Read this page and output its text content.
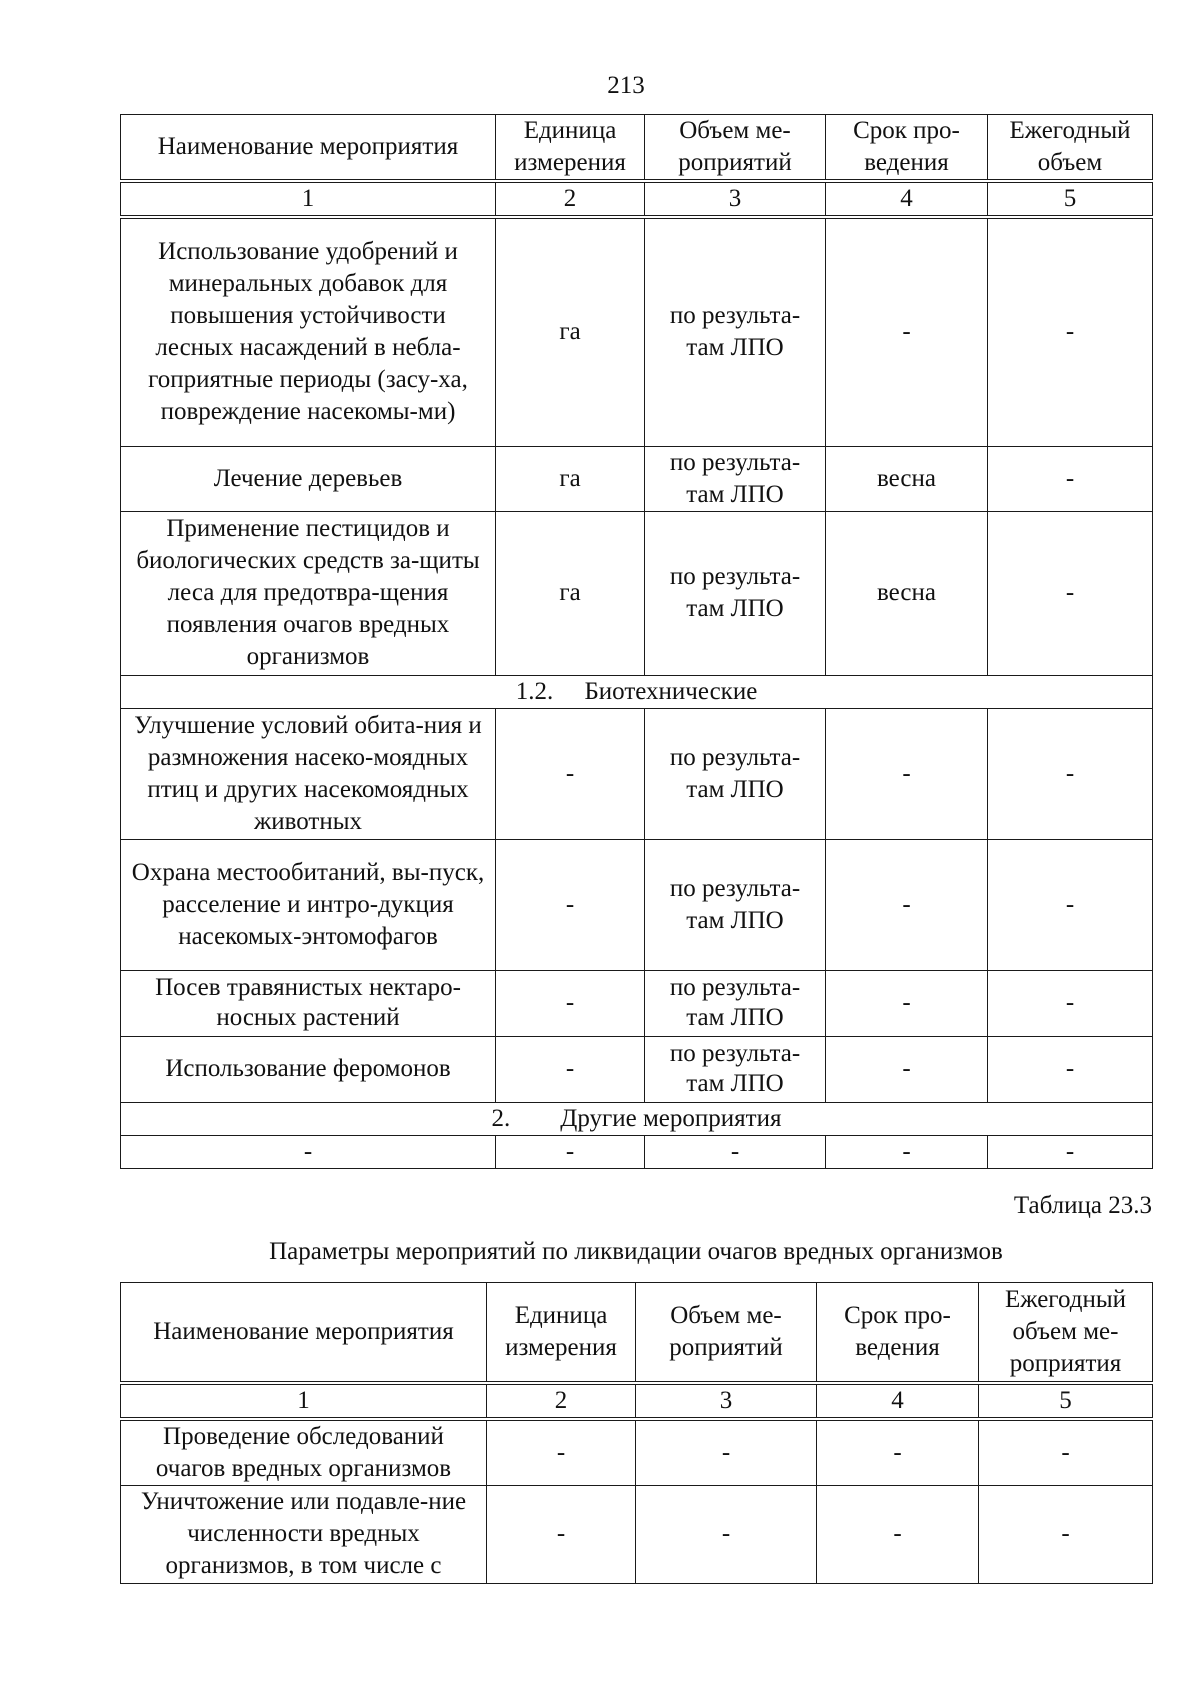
213
Наименование мероприятия	Единица измерения	Объем ме-роприятий	Срок про-ведения	Ежегодный объем
1	2	3	4	5
Использование удобрений и минеральных добавок для повышения устойчивости лесных насаждений в небла-гоприятные периоды (засу-ха, повреждение насекомы-ми)	га	по результа-там ЛПО	-	-
Лечение деревьев	га	по результа-там ЛПО	весна	-
Применение пестицидов и биологических средств за-щиты леса для предотвра-щения появления очагов вредных организмов	га	по результа-там ЛПО	весна	-
1.2.     Биотехнические				
Улучшение условий обита-ния и размножения насеко-моядных птиц и других насекомоядных животных	-	по результа-там ЛПО	-	-
Охрана местообитаний, вы-пуск, расселение и интро-дукция насекомых-энтомофагов	-	по результа-там ЛПО	-	-
Посев травянистых нектаро-носных растений	-	по результа-там ЛПО	-	-
Использование феромонов	-	по результа-там ЛПО	-	-
2.        Другие мероприятия				
-	-	-	-	-
Таблица 23.3
Параметры мероприятий по ликвидации очагов вредных организмов
Наименование мероприятия	Единица измерения	Объем ме-роприятий	Срок про-ведения	Ежегодный объем ме-роприятия
1	2	3	4	5
Проведение обследований очагов вредных организмов	-	-	-	-
Уничтожение или подавле-ние численности вредных организмов, в том числе с	-	-	-	-
